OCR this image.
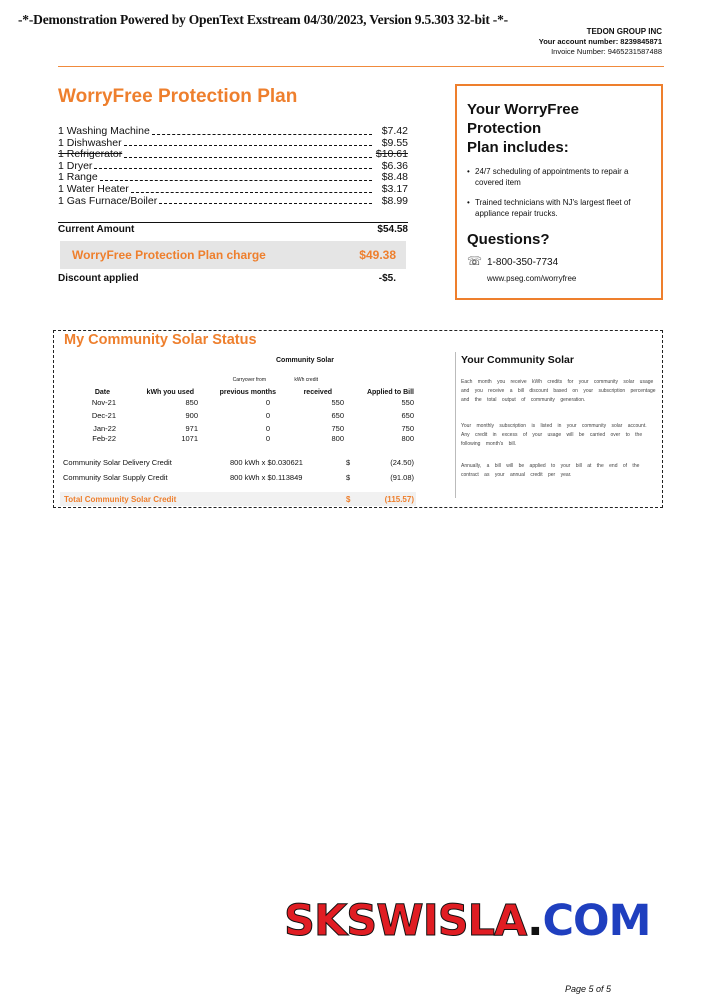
-*-Demonstration Powered by OpenText Exstream 04/30/2023, Version 9.5.303 32-bit -*-
TEDON GROUP INC
Your account number: 8239845871
Invoice Number: 9465231587488
WorryFree Protection Plan
1 Washing Machine	$7.42
1 Dishwasher	$9.55
1 Refrigerator	$10.61
1 Dryer	$6.36
1 Range	$8.48
1 Water Heater	$3.17
1 Gas Furnace/Boiler	$8.99
Current Amount	$54.58
WorryFree Protection Plan charge	$49.38
Discount applied	-$5.
Your WorryFree Protection
Plan includes:
• 24/7 scheduling of appointments to repair a covered item
• Trained technicians with NJ's largest fleet of appliance repair trucks.
Questions?
☏ 1-800-350-7734
www.pseg.com/worryfree
My Community Solar Status
Community Solar
Date	kWh you used
Carryover from
previous months
kWh credit
received	Applied to Bill
Nov-21	850	0	550	550
Dec-21	900	0	650	650
Jan-22	971	0	750	750
Feb-22	1071	0	800	800
Community Solar Delivery Credit	800 kWh x $0.030621	$	(24.50)
Community Solar Supply Credit	800 kWh x $0.113849	$	(91.08)
Total Community Solar Credit	$	(115.57)
Your Community Solar
Each month you receive kWh credits for your community solar usage and you receive a bill discount based on your subscription percentage and the total output of community generation.
Your monthly subscription is listed in your community solar account. Any credit in excess of your usage will be carried over to the following month's bill.
Annually, a bill will be applied to your bill at the end of the contract as your annual credit per year.
SKSWISLA.COM
Page 5 of 5
